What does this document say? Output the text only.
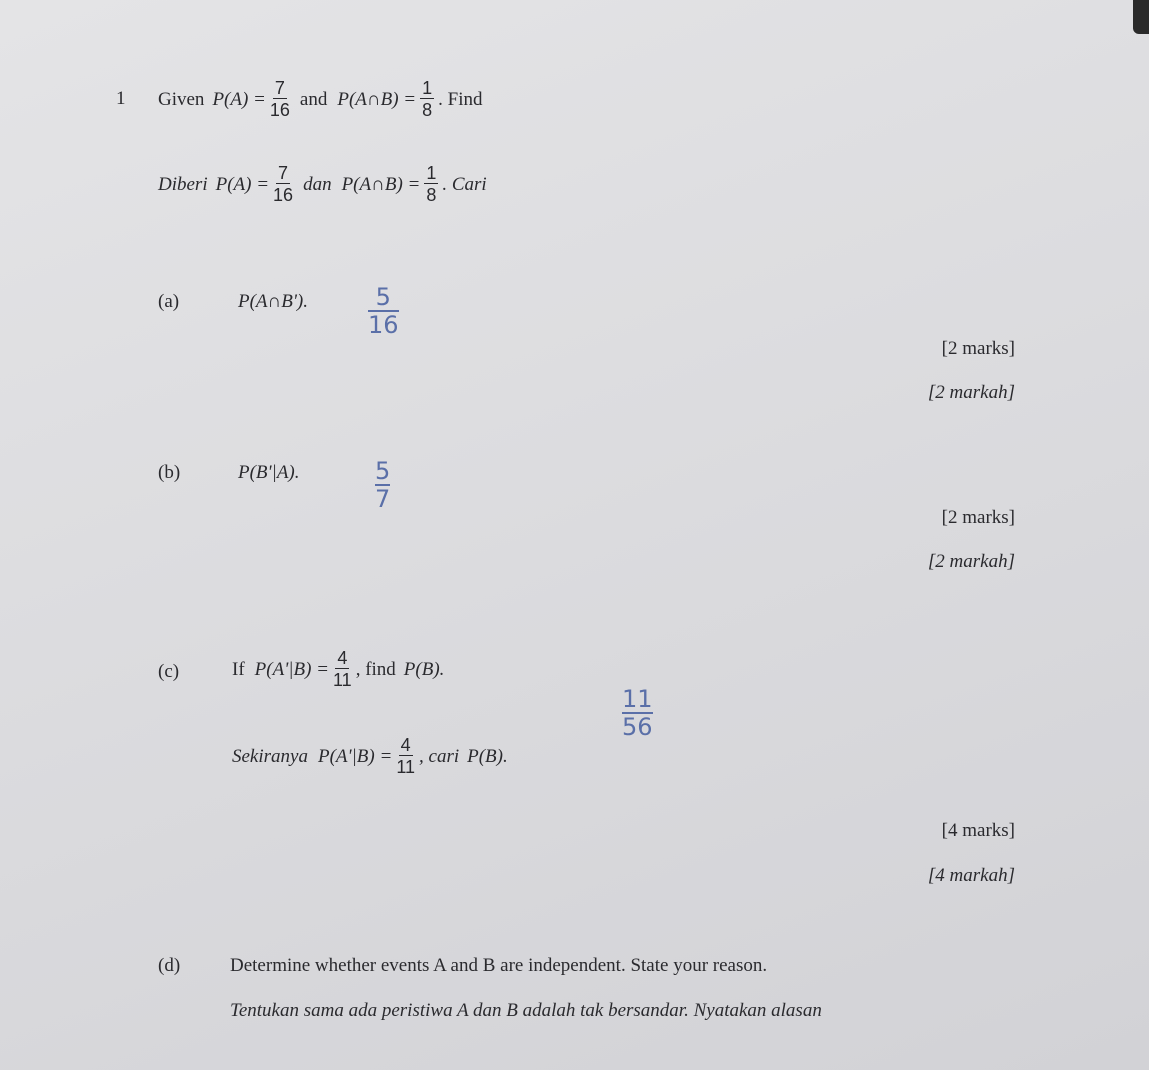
1 Given $P(A) = \frac{7}{16}$ and P(A∩B) = $\frac{1}{8}$ . Find
Diberi $P(A) = \frac{7}{16}$ dan P(A∩B) = $\frac{1}{8}$ . Cari
(a)	P(A∩B'). $\frac{5}{16}$
[2 marks]
[2 markah]
(b)	P(B'|A).	$\frac{5}{7}$
[2 marks]
[2 markah]
(c)	If $P(A'|B) = \frac{4}{11}$ , find P(B).
Sekiranya $P(A'|B) = \frac{4}{11}$ , cari P(B).
$\frac{11}{56}$
[4 marks]
[4 markah]
(d)	Determine whether events A and B are independent. State your reason.
Tentukan sama ada peristiwa A dan B adalah tak bersandar. Nyatakan alasan
